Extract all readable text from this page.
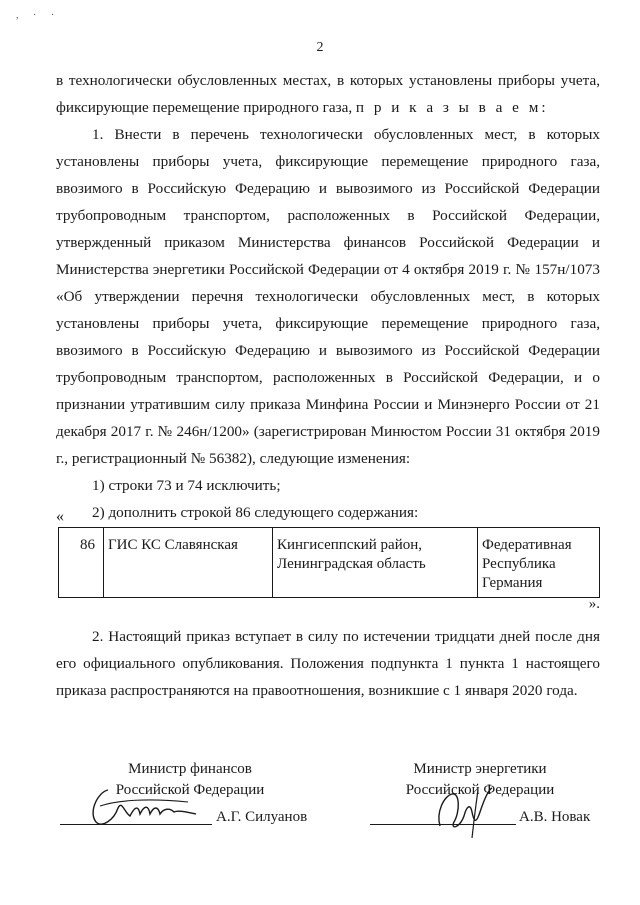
, · ·
2

в технологически обусловленных местах, в которых установлены приборы учета, фиксирующие перемещение природного газа, п р и к а з ы в а е м:

1. Внести в перечень технологически обусловленных мест, в которых установлены приборы учета, фиксирующие перемещение природного газа, ввозимого в Российскую Федерацию и вывозимого из Российской Федерации трубопроводным транспортом, расположенных в Российской Федерации, утвержденный приказом Министерства финансов Российской Федерации и Министерства энергетики Российской Федерации от 4 октября 2019 г. № 157н/1073 «Об утверждении перечня технологически обусловленных мест, в которых установлены приборы учета, фиксирующие перемещение природного газа, ввозимого в Российскую Федерацию и вывозимого из Российской Федерации трубопроводным транспортом, расположенных в Российской Федерации, и о признании утратившим силу приказа Минфина России и Минэнерго России от 21 декабря 2017 г. № 246н/1200» (зарегистрирован Минюстом России 31 октября 2019 г., регистрационный № 56382), следующие изменения:

1) строки 73 и 74 исключить;

2) дополнить строкой 86 следующего содержания:

«
86	ГИС КС Славянская	Кингисеппский район, Ленинградская область	Федеративная Республика Германия
».

2. Настоящий приказ вступает в силу по истечении тридцати дней после дня его официального опубликования. Положения подпункта 1 пункта 1 настоящего приказа распространяются на правоотношения, возникшие с 1 января 2020 года.

Министр финансов
Российской Федерации
А.Г. Силуанов
Министр энергетики
Российской Федерации
А.В. Новак
